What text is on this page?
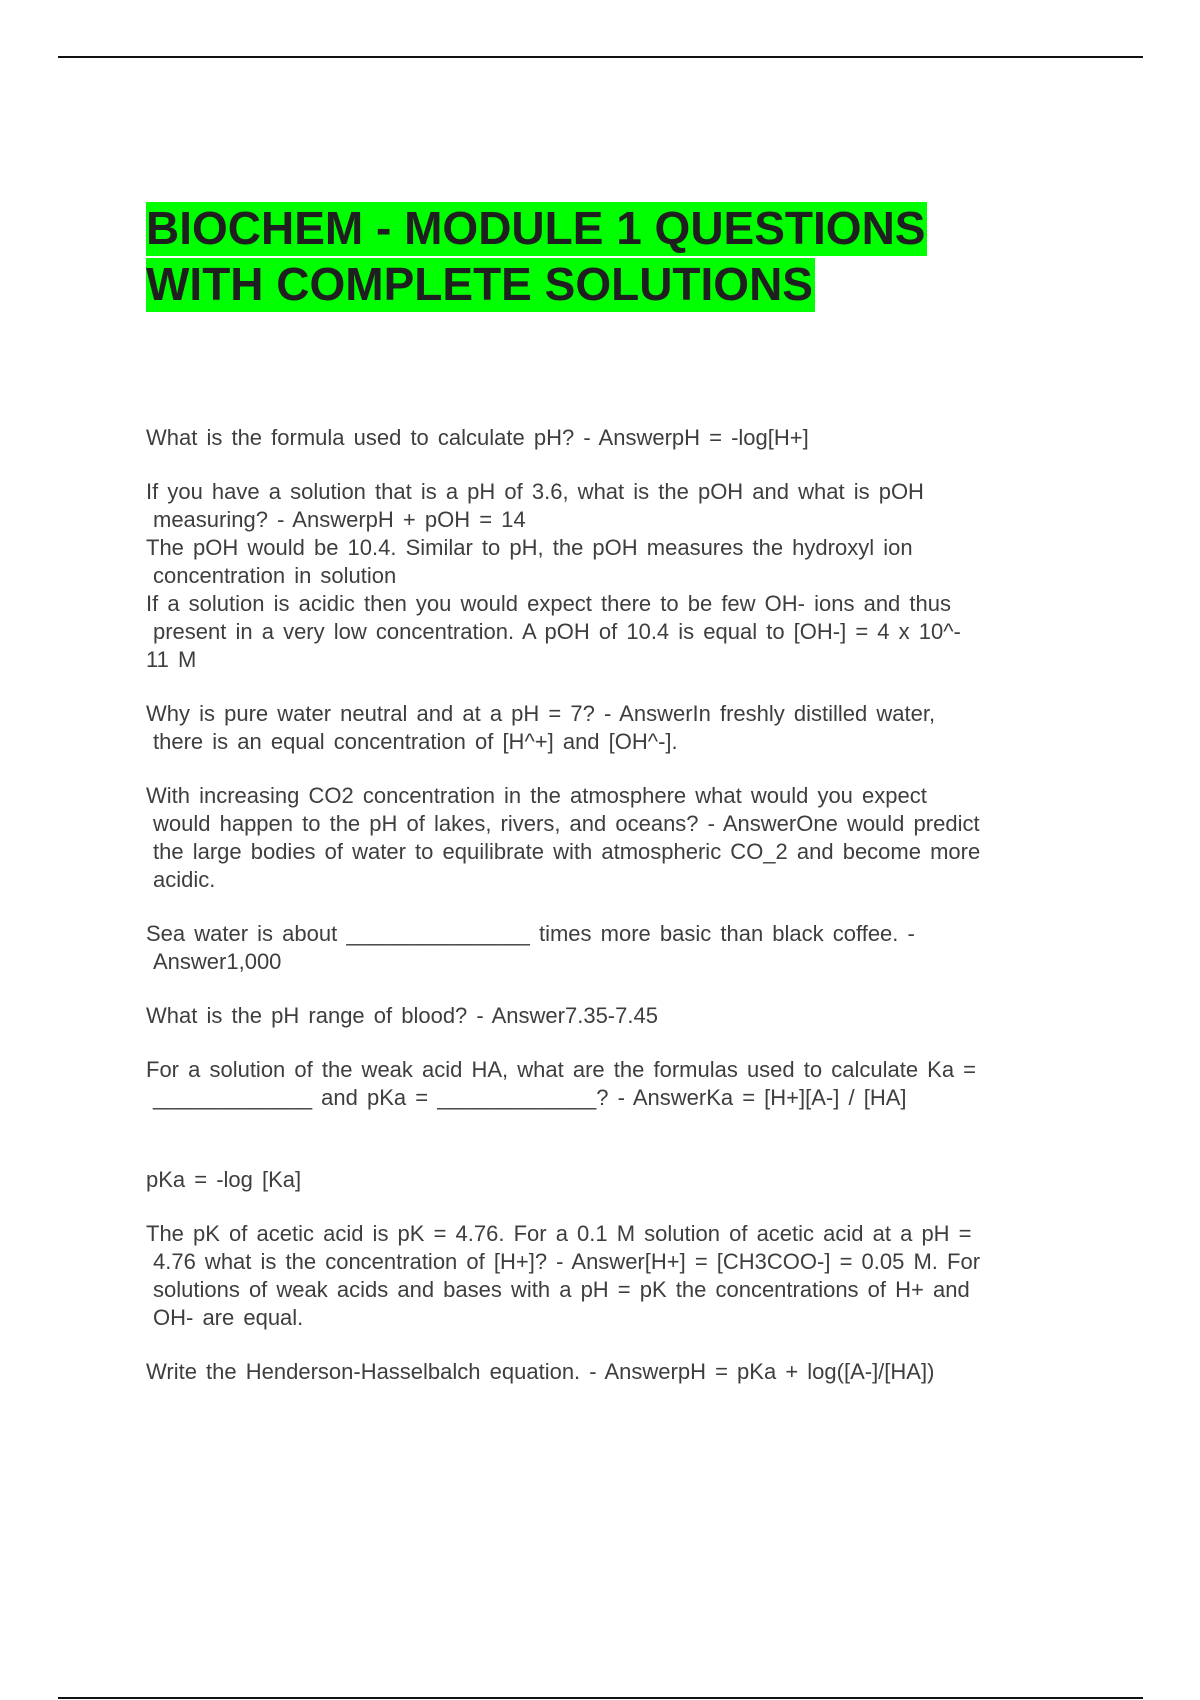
BIOCHEM - MODULE 1 QUESTIONS WITH COMPLETE SOLUTIONS

What is the formula used to calculate pH? - AnswerpH = -log[H+]

If you have a solution that is a pH of 3.6, what is the pOH and what is pOH

measuring? - AnswerpH + pOH = 14

The pOH would be 10.4. Similar to pH, the pOH measures the hydroxyl ion

concentration in solution

If a solution is acidic then you would expect there to be few OH- ions and thus

present in a very low concentration. A pOH of 10.4 is equal to [OH-] = 4 x 10^-

11 M

Why is pure water neutral and at a pH = 7? - AnswerIn freshly distilled water,

there is an equal concentration of [H^+] and [OH^-].

With increasing CO2 concentration in the atmosphere what would you expect

would happen to the pH of lakes, rivers, and oceans? - AnswerOne would predict

the large bodies of water to equilibrate with atmospheric CO_2 and become more

acidic.

Sea water is about _______________ times more basic than black coffee. -

Answer1,000

What is the pH range of blood? - Answer7.35-7.45

For a solution of the weak acid HA, what are the formulas used to calculate Ka =

_____________ and pKa = _____________? - AnswerKa = [H+][A-] / [HA]

pKa = -log [Ka]

The pK of acetic acid is pK = 4.76. For a 0.1 M solution of acetic acid at a pH =

4.76 what is the concentration of [H+]? - Answer[H+] = [CH3COO-] = 0.05 M. For

solutions of weak acids and bases with a pH = pK the concentrations of H+ and

OH- are equal.

Write the Henderson-Hasselbalch equation. - AnswerpH = pKa + log([A-]/[HA])
